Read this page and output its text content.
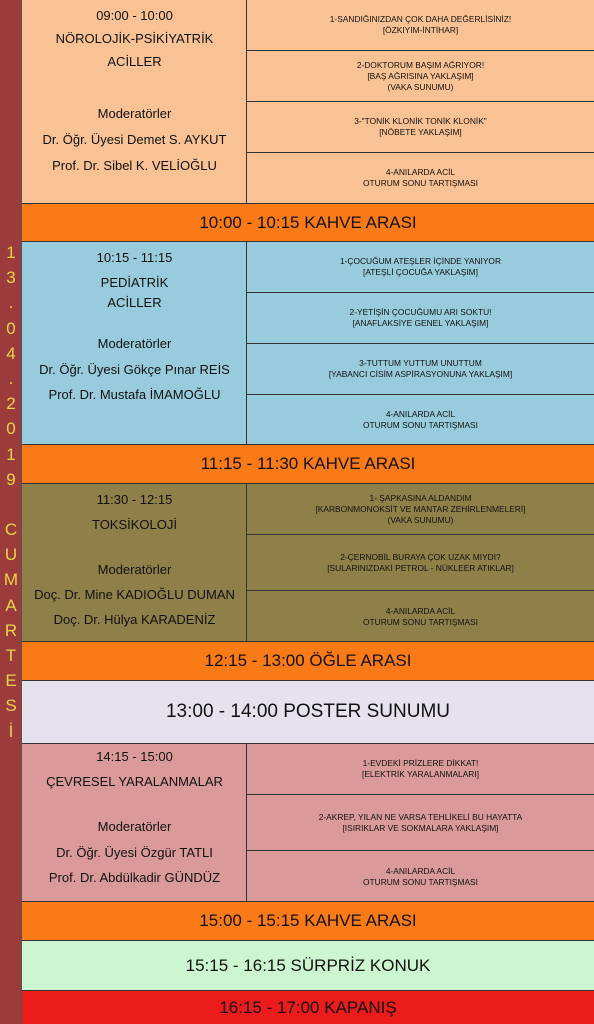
1
3
.
0
4
.
2
0
1
9
C
U
M
A
R
T
E
S
İ
09:00 - 10:00
NÖROLOJİK-PSİKİYATRİK
ACİLLER
Moderatörler
Dr. Öğr. Üyesi Demet S. AYKUT
Prof. Dr. Sibel K. VELİOĞLU
1-SANDIĞINIZDAN ÇOK DAHA DEĞERLİSİNİZ!
[ÖZKIYIM-İNTİHAR]
2-DOKTORUM BAŞIM AĞRIYOR!
[BAŞ AĞRISINA YAKLAŞIM]
(VAKA SUNUMU)
3-"TONİK KLONİK TONİK KLONİK"
[NÖBETE YAKLAŞIM]
4-ANILARDA ACİL
OTURUM SONU TARTIŞMASI
10:00 - 10:15 KAHVE ARASI
10:15 - 11:15
PEDİATRİK
ACİLLER
Moderatörler
Dr. Öğr. Üyesi Gökçe Pınar REİS
Prof. Dr. Mustafa İMAMOĞLU
1-ÇOCUĞUM ATEŞLER İÇİNDE YANIYOR
[ATEŞLİ ÇOCUĞA YAKLAŞIM]
2-YETİŞİN ÇOCUĞUMU ARI SOKTU!
[ANAFLAKSİYE GENEL YAKLAŞIM]
3-TUTTUM YUTTUM UNUTTUM
[YABANCI CİSİM ASPİRASYONUNA YAKLAŞIM]
4-ANILARDA ACİL
OTURUM SONU TARTIŞMASI
11:15 - 11:30 KAHVE ARASI
11:30 - 12:15
TOKSİKOLOJİ
Moderatörler
Doç. Dr. Mine KADIOĞLU DUMAN
Doç. Dr. Hülya KARADENİZ
1- ŞAPKASINA ALDANDIM
[KARBONMONOKSİT VE MANTAR ZEHİRLENMELERİ]
(VAKA SUNUMU)
2-ÇERNOBİL BURAYA ÇOK UZAK MIYDI?
[SULARINIZDAKİ PETROL - NÜKLEER ATIKLAR]
4-ANILARDA ACİL
OTURUM SONU TARTIŞMASI
12:15 - 13:00 ÖĞLE ARASI
13:00 - 14:00 POSTER SUNUMU
14:15 - 15:00
ÇEVRESEL YARALANMALAR
Moderatörler
Dr. Öğr. Üyesi Özgür TATLI
Prof. Dr. Abdülkadir GÜNDÜZ
1-EVDEKİ PRİZLERE DİKKAT!
[ELEKTRİK YARALANMALARI]
2-AKREP, YILAN NE VARSA TEHLİKELİ BU HAYATTA
[ISIRIKLAR VE SOKMALARA YAKLAŞIM]
4-ANILARDA ACİL
OTURUM SONU TARTIŞMASI
15:00 - 15:15 KAHVE ARASI
15:15 - 16:15 SÜRPRİZ KONUK
16:15 - 17:00 KAPANIŞ
